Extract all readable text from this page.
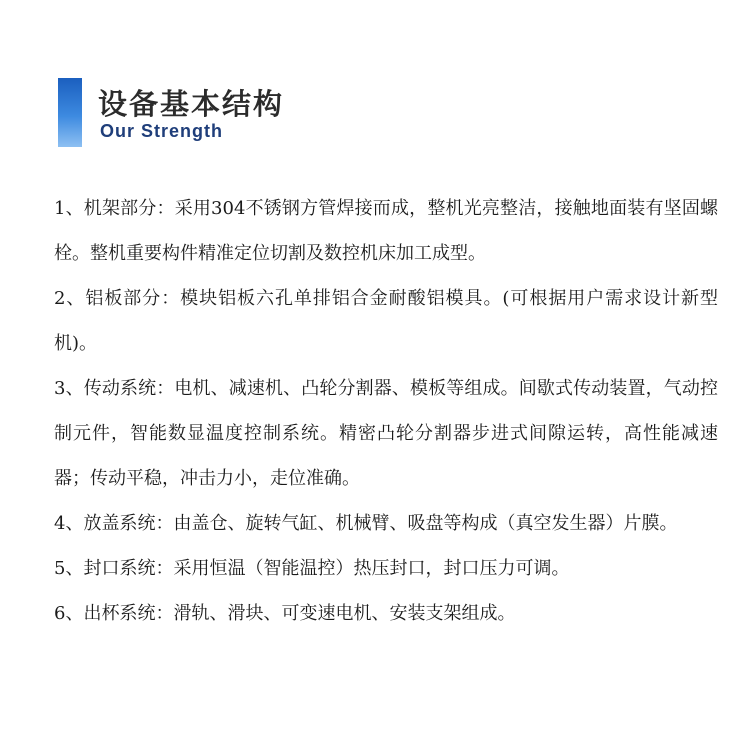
设备基本结构
Our Strength

1、机架部分：采用304不锈钢方管焊接而成，整机光亮整洁，接触地面装有坚固螺栓。整机重要构件精准定位切割及数控机床加工成型。

2、铝板部分：模块铝板六孔单排铝合金耐酸铝模具。(可根据用户需求设计新型机)。

3、传动系统：电机、减速机、凸轮分割器、模板等组成。间歇式传动装置，气动控制元件，智能数显温度控制系统。精密凸轮分割器步进式间隙运转，高性能减速器；传动平稳，冲击力小，走位准确。

4、放盖系统：由盖仓、旋转气缸、机械臂、吸盘等构成（真空发生器）片膜。

5、封口系统：采用恒温（智能温控）热压封口，封口压力可调。

6、出杯系统：滑轨、滑块、可变速电机、安装支架组成。
